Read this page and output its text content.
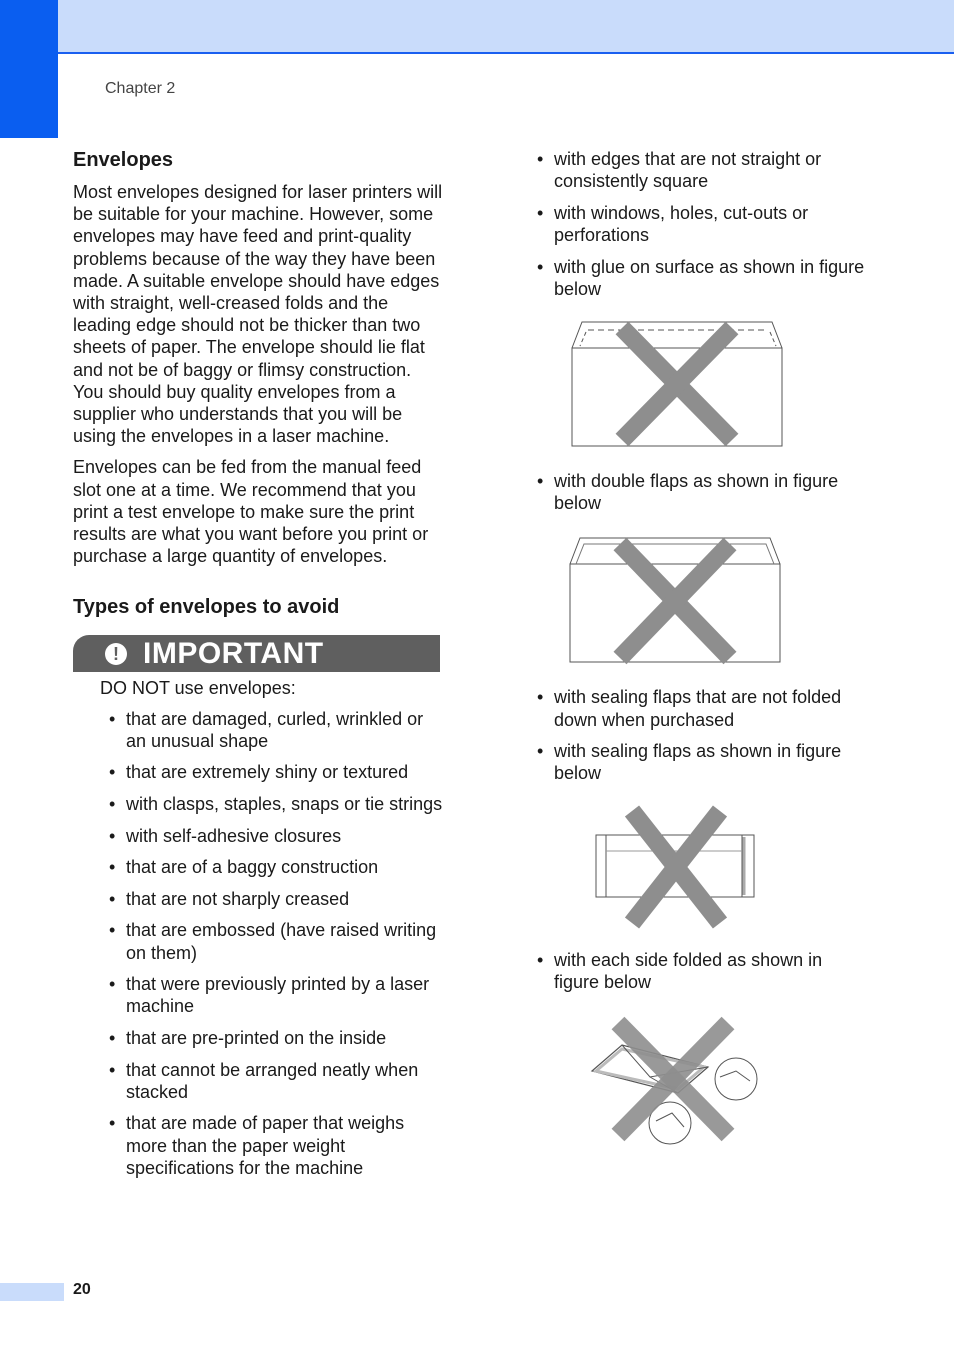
Chapter 2
Envelopes

Most envelopes designed for laser printers will be suitable for your machine. However, some envelopes may have feed and print-quality problems because of the way they have been made. A suitable envelope should have edges with straight, well-creased folds and the leading edge should not be thicker than two sheets of paper. The envelope should lie flat and not be of baggy or flimsy construction. You should buy quality envelopes from a supplier who understands that you will be using the envelopes in a laser machine.

Envelopes can be fed from the manual feed slot one at a time. We recommend that you print a test envelope to make sure the print results are what you want before you print or purchase a large quantity of envelopes.

Types of envelopes to avoid
! IMPORTANT

DO NOT use envelopes:

• that are damaged, curled, wrinkled or an unusual shape
• that are extremely shiny or textured
• with clasps, staples, snaps or tie strings
• with self-adhesive closures
• that are of a baggy construction
• that are not sharply creased
• that are embossed (have raised writing on them)
• that were previously printed by a laser machine
• that are pre-printed on the inside
• that cannot be arranged neatly when stacked
• that are made of paper that weighs more than the paper weight specifications for the machine
• with edges that are not straight or consistently square
• with windows, holes, cut-outs or perforations
• with glue on surface as shown in figure below
• with double flaps as shown in figure below
• with sealing flaps that are not folded down when purchased
• with sealing flaps as shown in figure below
• with each side folded as shown in figure below
20
